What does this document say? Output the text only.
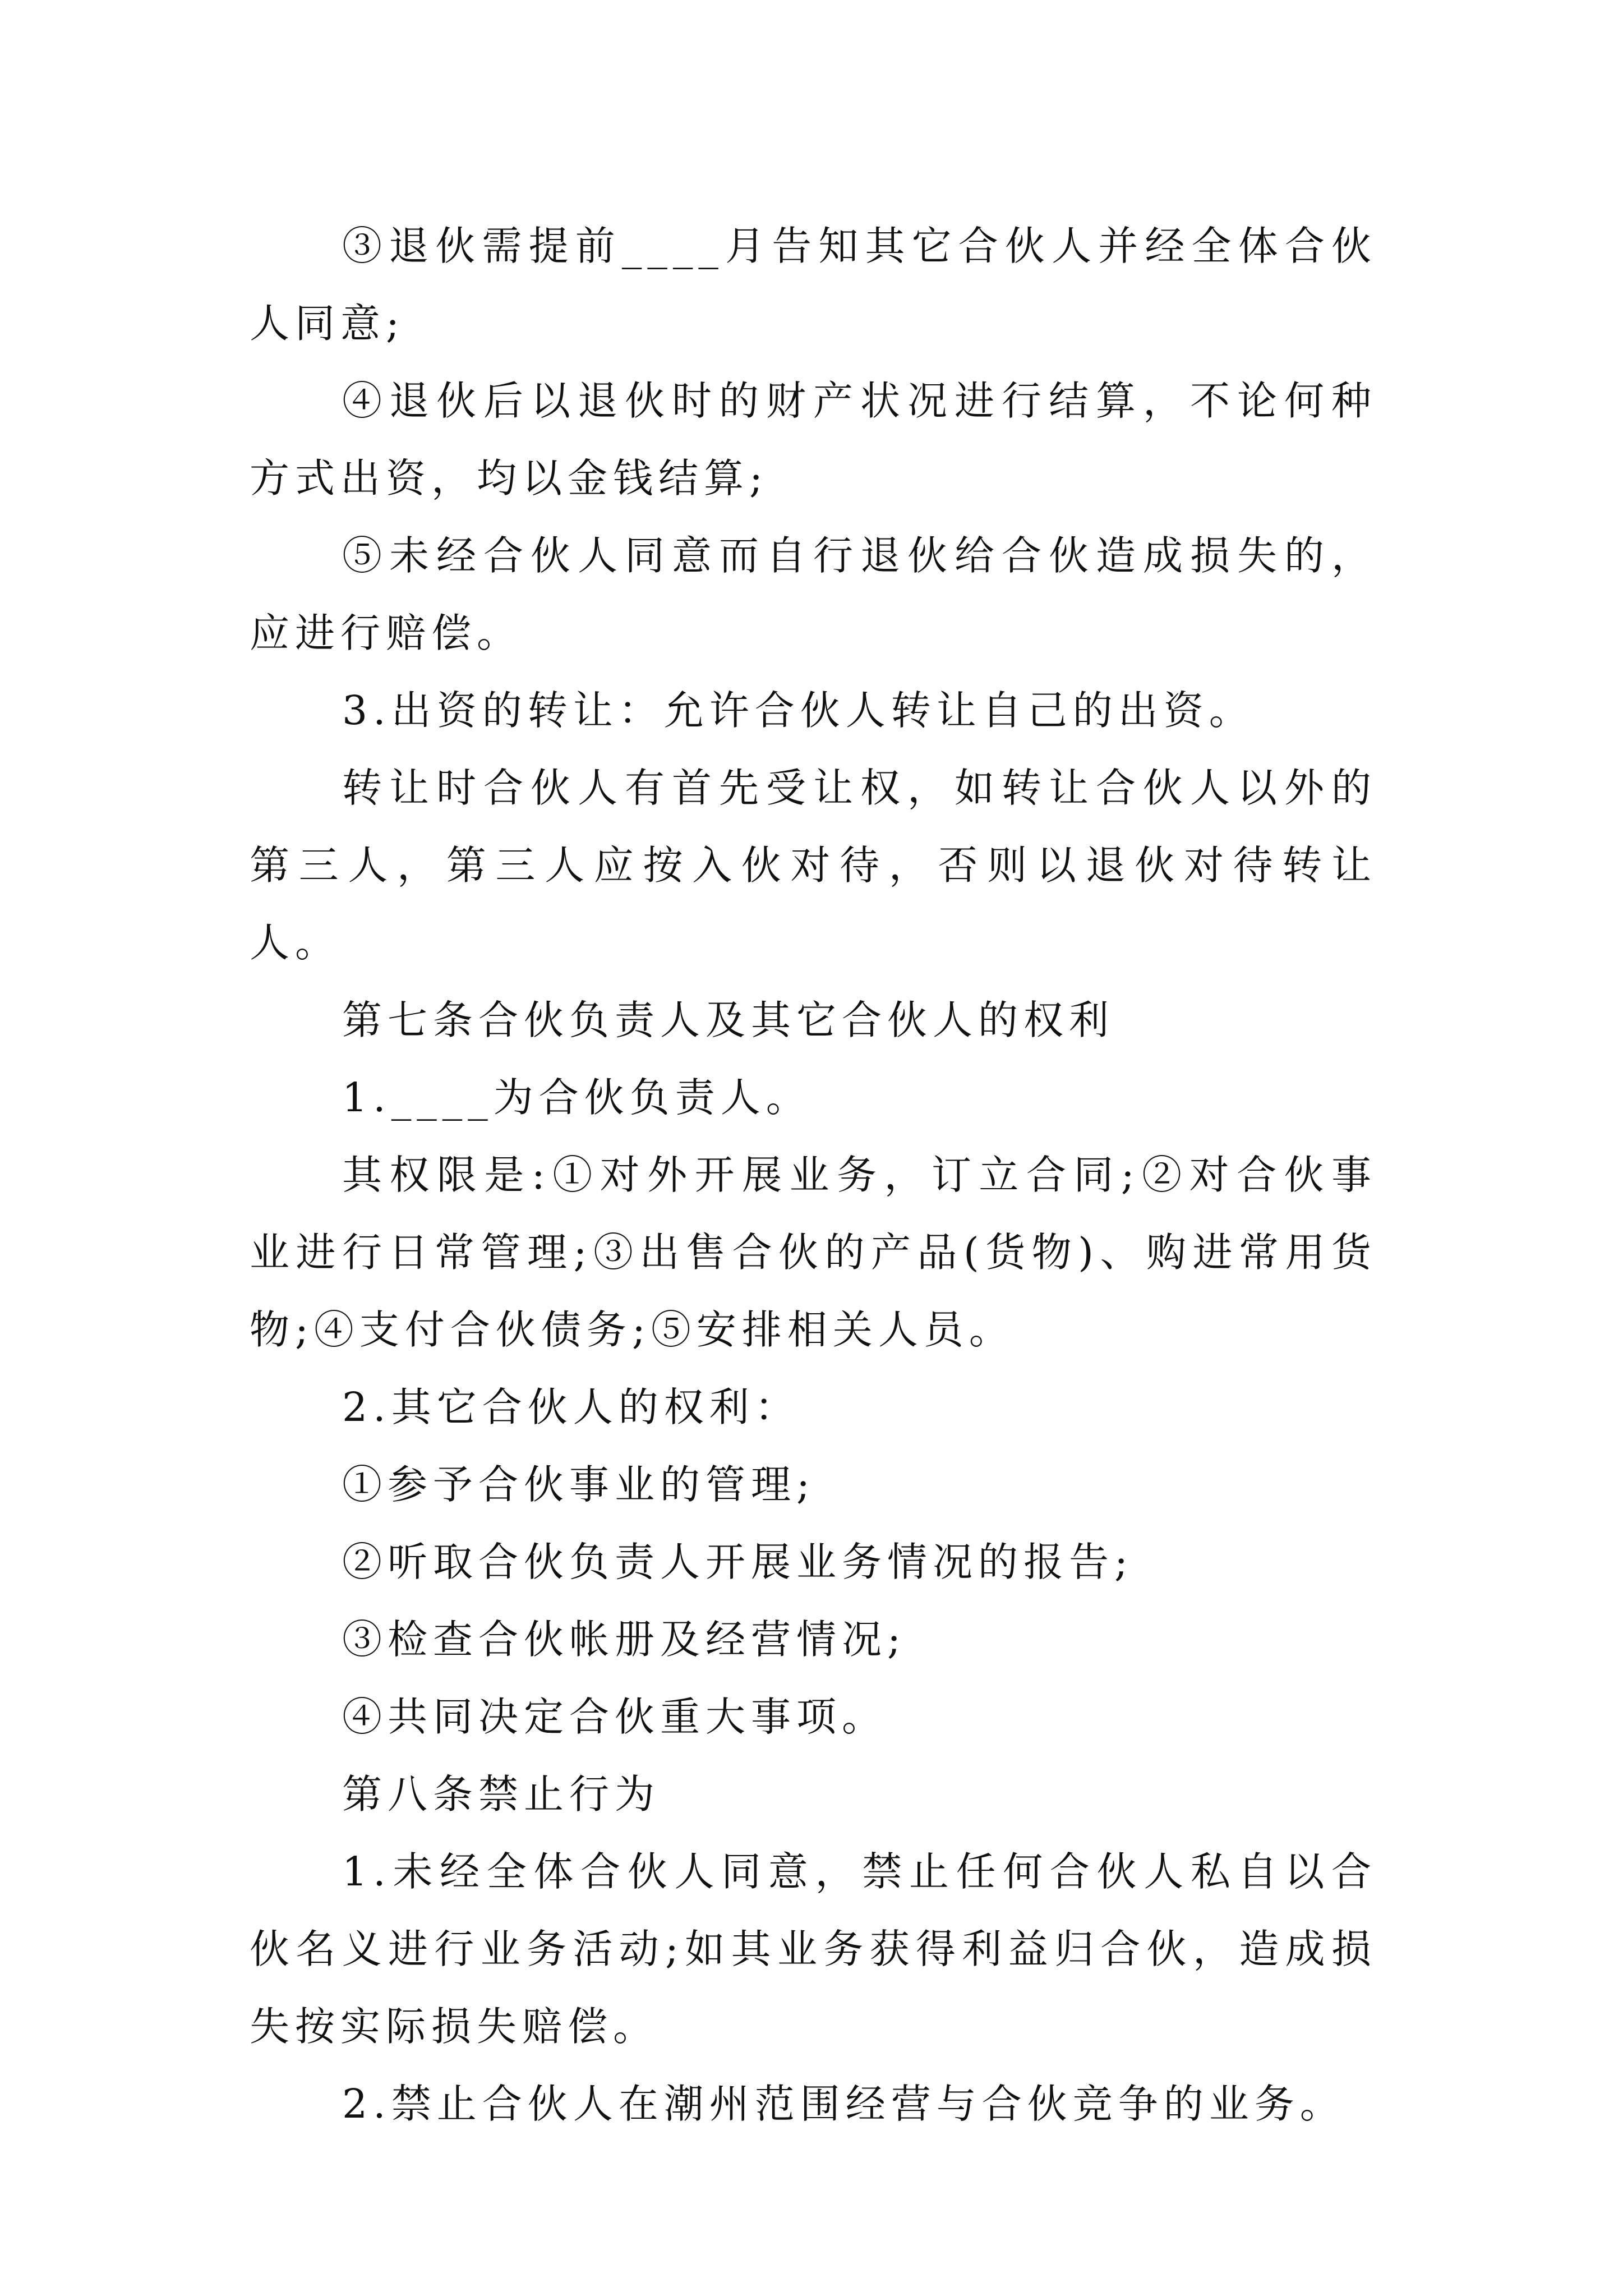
③退伙需提前____月告知其它合伙人并经全体合伙人同意;

④退伙后以退伙时的财产状况进行结算，不论何种方式出资，均以金钱结算;

⑤未经合伙人同意而自行退伙给合伙造成损失的，应进行赔偿。

3.出资的转让：允许合伙人转让自己的出资。

转让时合伙人有首先受让权，如转让合伙人以外的第三人，第三人应按入伙对待，否则以退伙对待转让人。

第七条合伙负责人及其它合伙人的权利

1.____为合伙负责人。

其权限是:①对外开展业务，订立合同;②对合伙事业进行日常管理;③出售合伙的产品(货物)、购进常用货物;④支付合伙债务;⑤安排相关人员。

2.其它合伙人的权利：

①参予合伙事业的管理;

②听取合伙负责人开展业务情况的报告;

③检查合伙帐册及经营情况;

④共同决定合伙重大事项。

第八条禁止行为

1.未经全体合伙人同意，禁止任何合伙人私自以合伙名义进行业务活动;如其业务获得利益归合伙，造成损失按实际损失赔偿。

2.禁止合伙人在潮州范围经营与合伙竞争的业务。
